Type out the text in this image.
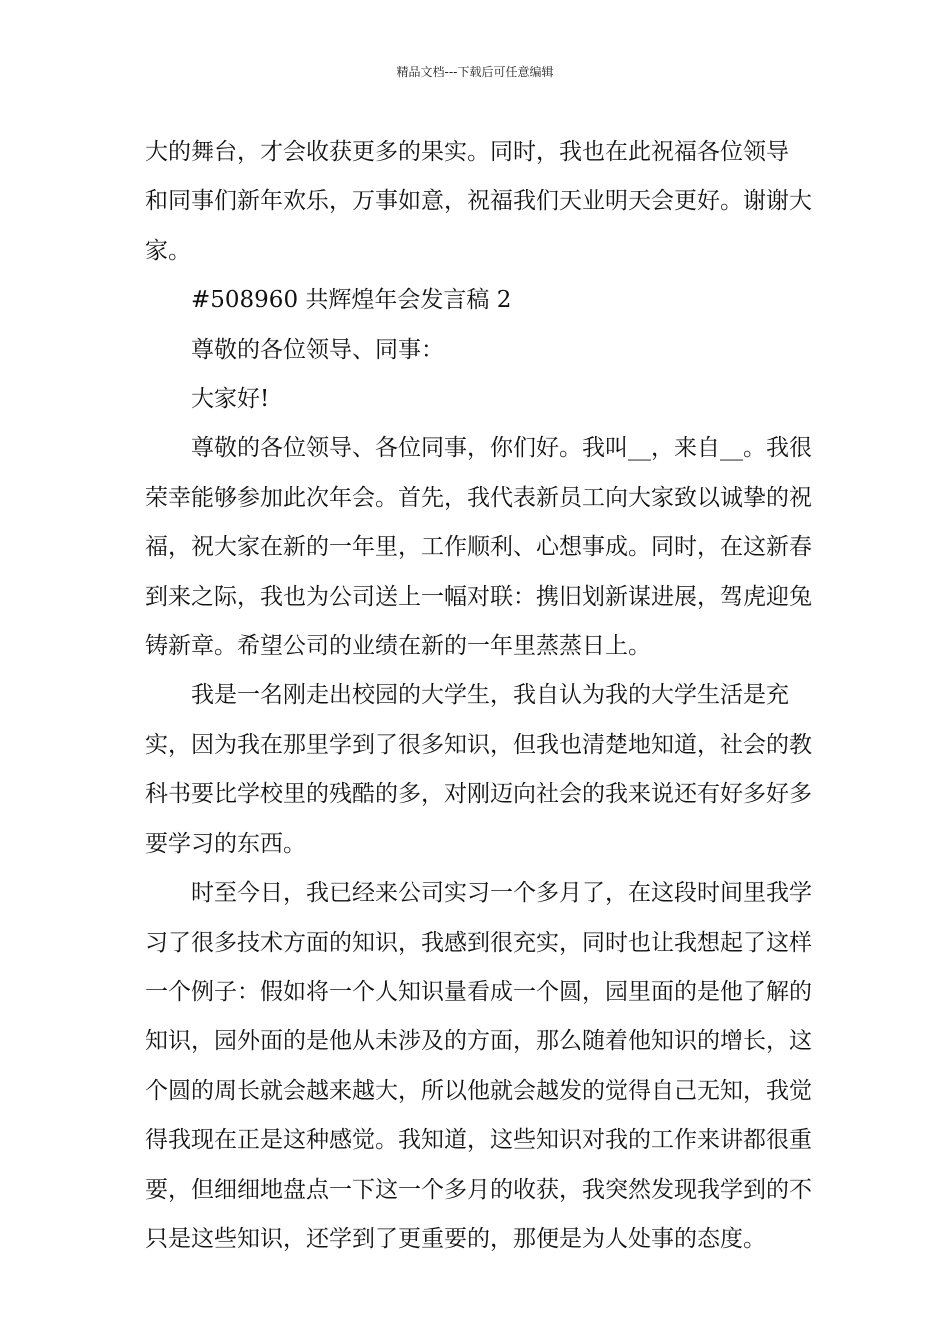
精品文档---下载后可任意编辑

大的舞台，才会收获更多的果实。同时，我也在此祝福各位领导 和同事们新年欢乐，万事如意，祝福我们天业明天会更好。谢谢大家。

#508960 共辉煌年会发言稿 2

尊敬的各位领导、同事：

大家好!

尊敬的各位领导、各位同事，你们好。我叫__，来自__。我很荣幸能够参加此次年会。首先，我代表新员工向大家致以诚挚的祝福，祝大家在新的一年里，工作顺利、心想事成。同时，在这新春到来之际，我也为公司送上一幅对联：携旧划新谋进展，驾虎迎兔铸新章。希望公司的业绩在新的一年里蒸蒸日上。

我是一名刚走出校园的大学生，我自认为我的大学生活是充实，因为我在那里学到了很多知识，但我也清楚地知道，社会的教科书要比学校里的残酷的多，对刚迈向社会的我来说还有好多好多要学习的东西。

时至今日，我已经来公司实习一个多月了，在这段时间里我学习了很多技术方面的知识，我感到很充实，同时也让我想起了这样一个例子：假如将一个人知识量看成一个圆，园里面的是他了解的知识，园外面的是他从未涉及的方面，那么随着他知识的增长，这个圆的周长就会越来越大，所以他就会越发的觉得自己无知，我觉得我现在正是这种感觉。我知道，这些知识对我的工作来讲都很重要，但细细地盘点一下这一个多月的收获，我突然发现我学到的不只是这些知识，还学到了更重要的，那便是为人处事的态度。
